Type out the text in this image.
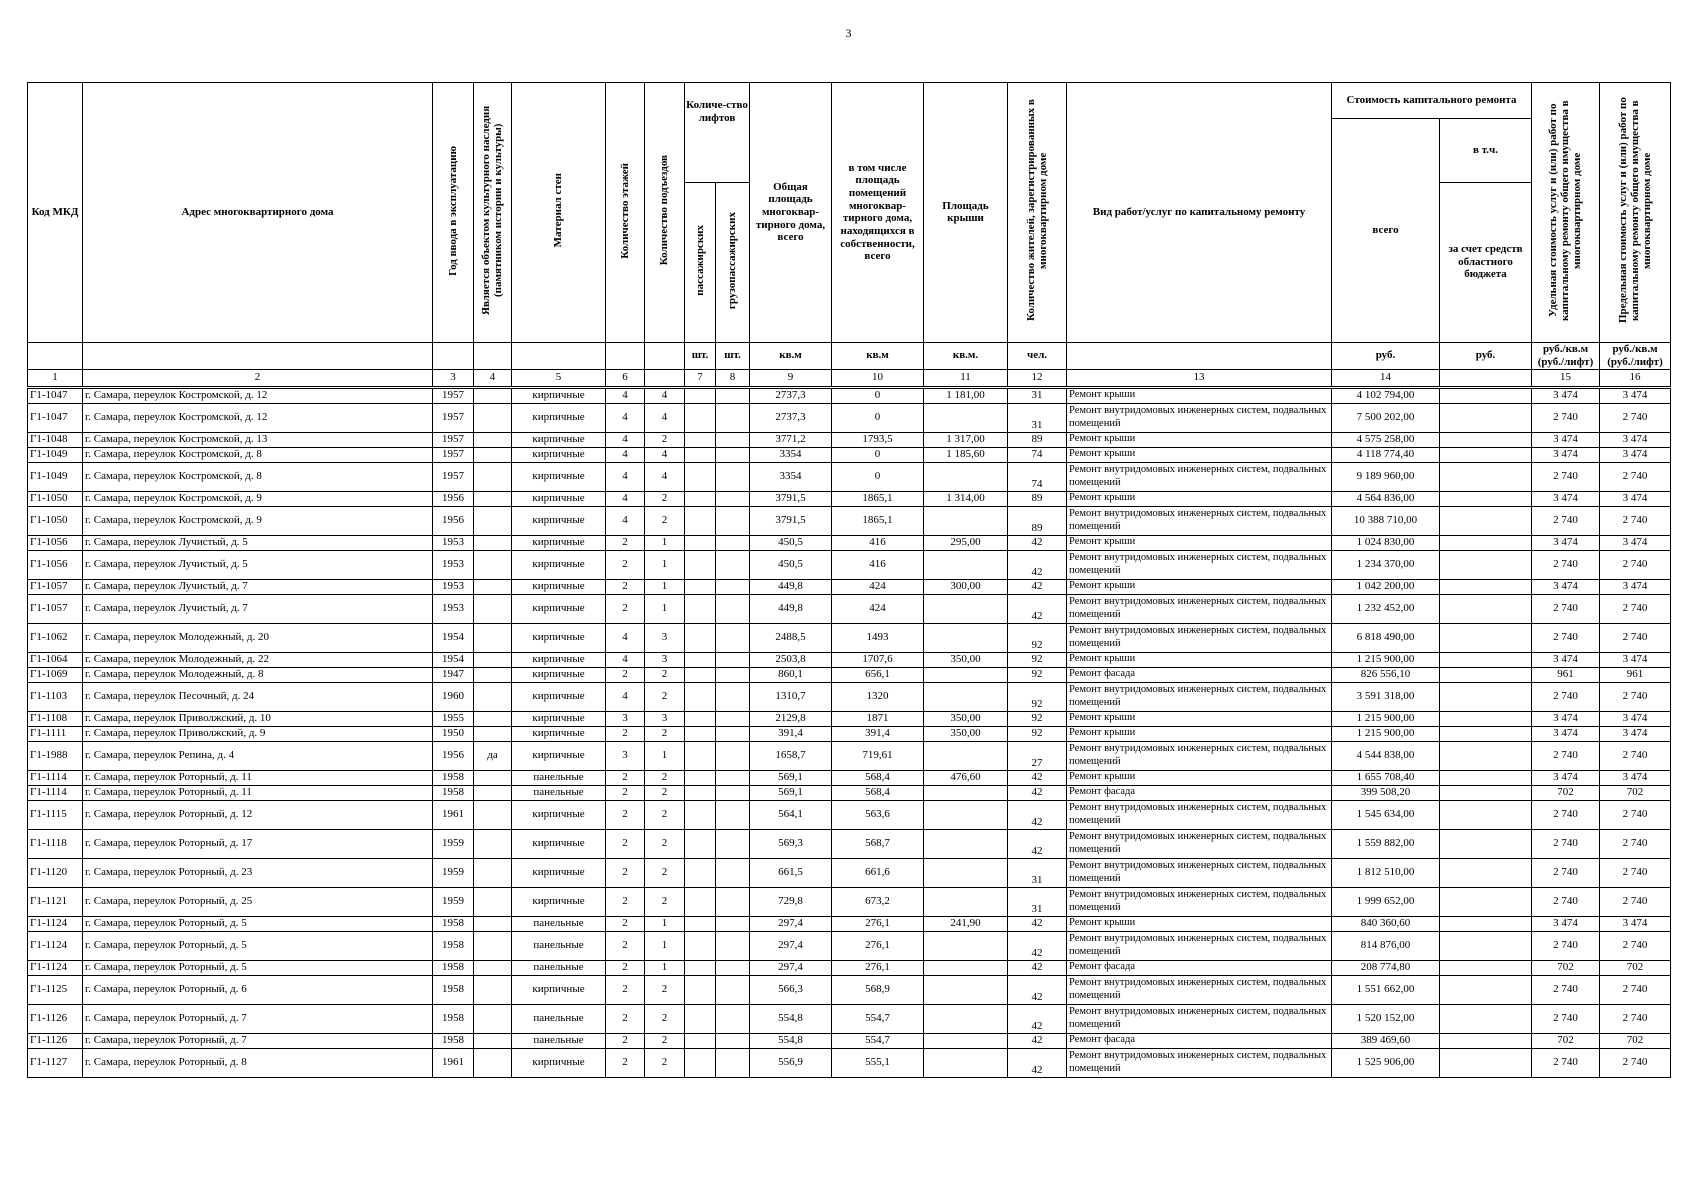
3
Код МКД	Адрес многоквартирного дома	Год ввода в эксплуатацию	Является объектом культурного наследия (памятником истории и культуры)	Материал стен	Количество этажей	Количество подъездов	Количе-ство лифтов		Общая площадь многоквар-тирного дома, всего	в том числе площадь помещений многоквар-тирного дома, находящихся в собственности, всего	Площадь крыши	Количество жителей, зарегистрированных в многоквартирном доме	Вид работ/услуг по капитальному ремонту	Стоимость капитального ремонта		Удельная стоимость услуг и (или) работ по капитальному ремонту общего имущества в многоквартирном доме	Предельная стоимость услуг и (или) работ по капитальному ремонту общего имущества в многоквартирном доме
														всего	в т.ч.		
							пассажирских	грузопассажирских							за счет средств областного бюджета		
							шт.	шт.	кв.м	кв.м	кв.м.	чел.		руб.	руб.	руб./кв.м (руб./лифт)	руб./кв.м (руб./лифт)
1	2	3	4	5	6		7	8	9	10	11	12	13	14		15	16
Г1-1047	г. Самара, переулок Костромской, д. 12	1957		кирпичные	4	4			2737,3	0	1 181,00	31	Ремонт крыши	4 102 794,00		3 474	3 474
Г1-1047	г. Самара, переулок Костромской, д. 12	1957		кирпичные	4	4			2737,3	0		31	Ремонт внутридомовых инженерных систем, подвальных помещений	7 500 202,00		2 740	2 740
Г1-1048	г. Самара, переулок Костромской, д. 13	1957		кирпичные	4	2			3771,2	1793,5	1 317,00	89	Ремонт крыши	4 575 258,00		3 474	3 474
Г1-1049	г. Самара, переулок Костромской, д. 8	1957		кирпичные	4	4			3354	0	1 185,60	74	Ремонт крыши	4 118 774,40		3 474	3 474
Г1-1049	г. Самара, переулок Костромской, д. 8	1957		кирпичные	4	4			3354	0		74	Ремонт внутридомовых инженерных систем, подвальных помещений	9 189 960,00		2 740	2 740
Г1-1050	г. Самара, переулок Костромской, д. 9	1956		кирпичные	4	2			3791,5	1865,1	1 314,00	89	Ремонт крыши	4 564 836,00		3 474	3 474
Г1-1050	г. Самара, переулок Костромской, д. 9	1956		кирпичные	4	2			3791,5	1865,1		89	Ремонт внутридомовых инженерных систем, подвальных помещений	10 388 710,00		2 740	2 740
Г1-1056	г. Самара, переулок Лучистый, д. 5	1953		кирпичные	2	1			450,5	416	295,00	42	Ремонт крыши	1 024 830,00		3 474	3 474
Г1-1056	г. Самара, переулок Лучистый, д. 5	1953		кирпичные	2	1			450,5	416		42	Ремонт внутридомовых инженерных систем, подвальных помещений	1 234 370,00		2 740	2 740
Г1-1057	г. Самара, переулок Лучистый, д. 7	1953		кирпичные	2	1			449,8	424	300,00	42	Ремонт крыши	1 042 200,00		3 474	3 474
Г1-1057	г. Самара, переулок Лучистый, д. 7	1953		кирпичные	2	1			449,8	424		42	Ремонт внутридомовых инженерных систем, подвальных помещений	1 232 452,00		2 740	2 740
Г1-1062	г. Самара, переулок Молодежный, д. 20	1954		кирпичные	4	3			2488,5	1493		92	Ремонт внутридомовых инженерных систем, подвальных помещений	6 818 490,00		2 740	2 740
Г1-1064	г. Самара, переулок Молодежный, д. 22	1954		кирпичные	4	3			2503,8	1707,6	350,00	92	Ремонт крыши	1 215 900,00		3 474	3 474
Г1-1069	г. Самара, переулок Молодежный, д. 8	1947		кирпичные	2	2			860,1	656,1		92	Ремонт фасада	826 556,10		961	961
Г1-1103	г. Самара, переулок Песочный, д. 24	1960		кирпичные	4	2			1310,7	1320		92	Ремонт внутридомовых инженерных систем, подвальных помещений	3 591 318,00		2 740	2 740
Г1-1108	г. Самара, переулок Приволжский, д. 10	1955		кирпичные	3	3			2129,8	1871	350,00	92	Ремонт крыши	1 215 900,00		3 474	3 474
Г1-1111	г. Самара, переулок Приволжский, д. 9	1950		кирпичные	2	2			391,4	391,4	350,00	92	Ремонт крыши	1 215 900,00		3 474	3 474
Г1-1988	г. Самара, переулок Репина, д. 4	1956	да	кирпичные	3	1			1658,7	719,61		27	Ремонт внутридомовых инженерных систем, подвальных помещений	4 544 838,00		2 740	2 740
Г1-1114	г. Самара, переулок Роторный, д. 11	1958		панельные	2	2			569,1	568,4	476,60	42	Ремонт крыши	1 655 708,40		3 474	3 474
Г1-1114	г. Самара, переулок Роторный, д. 11	1958		панельные	2	2			569,1	568,4		42	Ремонт фасада	399 508,20		702	702
Г1-1115	г. Самара, переулок Роторный, д. 12	1961		кирпичные	2	2			564,1	563,6		42	Ремонт внутридомовых инженерных систем, подвальных помещений	1 545 634,00		2 740	2 740
Г1-1118	г. Самара, переулок Роторный, д. 17	1959		кирпичные	2	2			569,3	568,7		42	Ремонт внутридомовых инженерных систем, подвальных помещений	1 559 882,00		2 740	2 740
Г1-1120	г. Самара, переулок Роторный, д. 23	1959		кирпичные	2	2			661,5	661,6		31	Ремонт внутридомовых инженерных систем, подвальных помещений	1 812 510,00		2 740	2 740
Г1-1121	г. Самара, переулок Роторный, д. 25	1959		кирпичные	2	2			729,8	673,2		31	Ремонт внутридомовых инженерных систем, подвальных помещений	1 999 652,00		2 740	2 740
Г1-1124	г. Самара, переулок Роторный, д. 5	1958		панельные	2	1			297,4	276,1	241,90	42	Ремонт крыши	840 360,60		3 474	3 474
Г1-1124	г. Самара, переулок Роторный, д. 5	1958		панельные	2	1			297,4	276,1		42	Ремонт внутридомовых инженерных систем, подвальных помещений	814 876,00		2 740	2 740
Г1-1124	г. Самара, переулок Роторный, д. 5	1958		панельные	2	1			297,4	276,1		42	Ремонт фасада	208 774,80		702	702
Г1-1125	г. Самара, переулок Роторный, д. 6	1958		кирпичные	2	2			566,3	568,9		42	Ремонт внутридомовых инженерных систем, подвальных помещений	1 551 662,00		2 740	2 740
Г1-1126	г. Самара, переулок Роторный, д. 7	1958		панельные	2	2			554,8	554,7		42	Ремонт внутридомовых инженерных систем, подвальных помещений	1 520 152,00		2 740	2 740
Г1-1126	г. Самара, переулок Роторный, д. 7	1958		панельные	2	2			554,8	554,7		42	Ремонт фасада	389 469,60		702	702
Г1-1127	г. Самара, переулок Роторный, д. 8	1961		кирпичные	2	2			556,9	555,1		42	Ремонт внутридомовых инженерных систем, подвальных помещений	1 525 906,00		2 740	2 740
